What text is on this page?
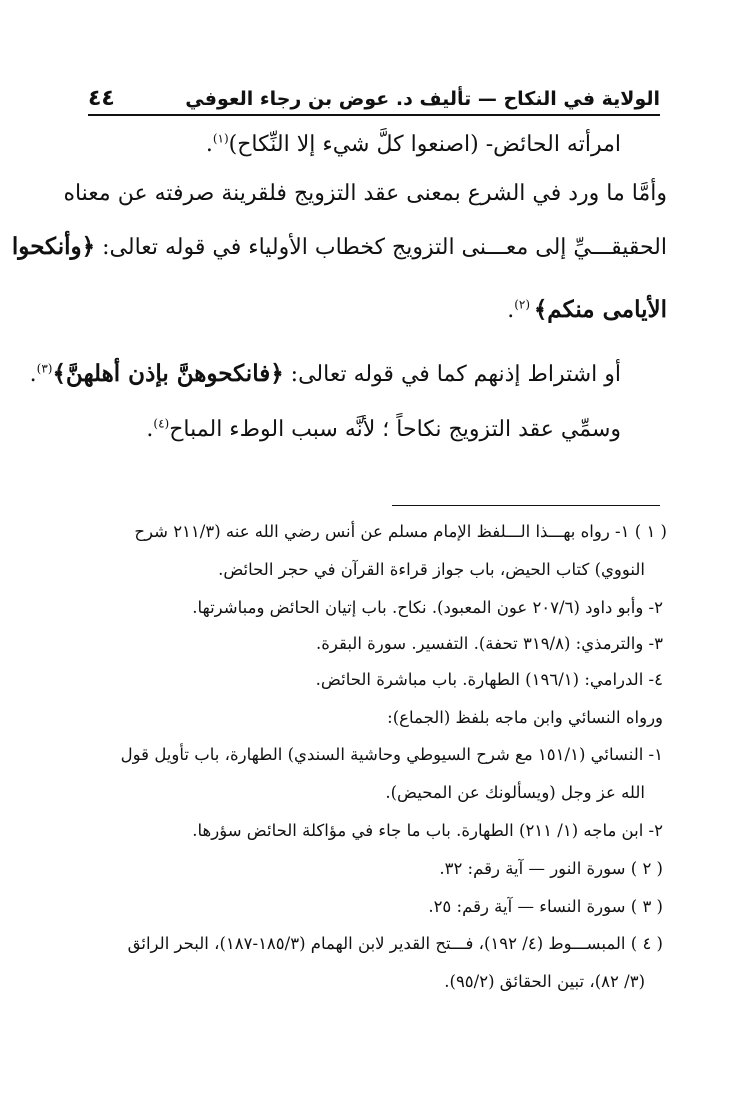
الولاية في النكاح — تأليف د. عوض بن رجاء العوفي
٤٤
امرأته الحائض- (اصنعوا كلَّ شيء إلا النِّكاح)$^{(١)}$.
وأمَّا ما ورد في الشرع بمعنى عقد التزويج فلقرينة صرفته عن معناه
الحقيقـــيِّ إلى معـــنى التزويج كخطاب الأولياء في قوله تعالى: ﴿وأنكحوا
الأيامى منكم﴾ $^{(٢)}$.
أو اشتراط إذنهم كما في قوله تعالى: ﴿فانكحوهنَّ بإذن أهلهنَّ﴾$^{(٣)}$.
وسمِّي عقد التزويج نكاحاً ؛ لأنَّه سبب الوطء المباح$^{(٤)}$.
( ١ ) ١- رواه بهـــذا الـــلفظ الإمام مسلم عن أنس رضي الله عنه (٢١١/٣ شرح
النووي) كتاب الحيض، باب جواز قراءة القرآن في حجر الحائض.
٢- وأبو داود (٢٠٧/٦ عون المعبود). نكاح. باب إتيان الحائض ومباشرتها.
٣- والترمذي: (٣١٩/٨ تحفة). التفسير. سورة البقرة.
٤- الدرامي: (١٩٦/١) الطهارة. باب مباشرة الحائض.
ورواه النسائي وابن ماجه بلفظ (الجماع):
١- النسائي (١٥١/١ مع شرح السيوطي وحاشية السندي) الطهارة، باب تأويل قول
الله عز وجل (ويسألونك عن المحيض).
٢- ابن ماجه (١/ ٢١١) الطهارة. باب ما جاء في مؤاكلة الحائض سؤرها.
( ٢ ) سورة النور — آية رقم: ٣٢.
( ٣ ) سورة النساء — آية رقم: ٢٥.
( ٤ ) المبســـوط (٤/ ١٩٢)، فـــتح القدير لابن الهمام (١٨٥/٣-١٨٧)، البحر الرائق
(٣/ ٨٢)، تبين الحقائق (٩٥/٢).
